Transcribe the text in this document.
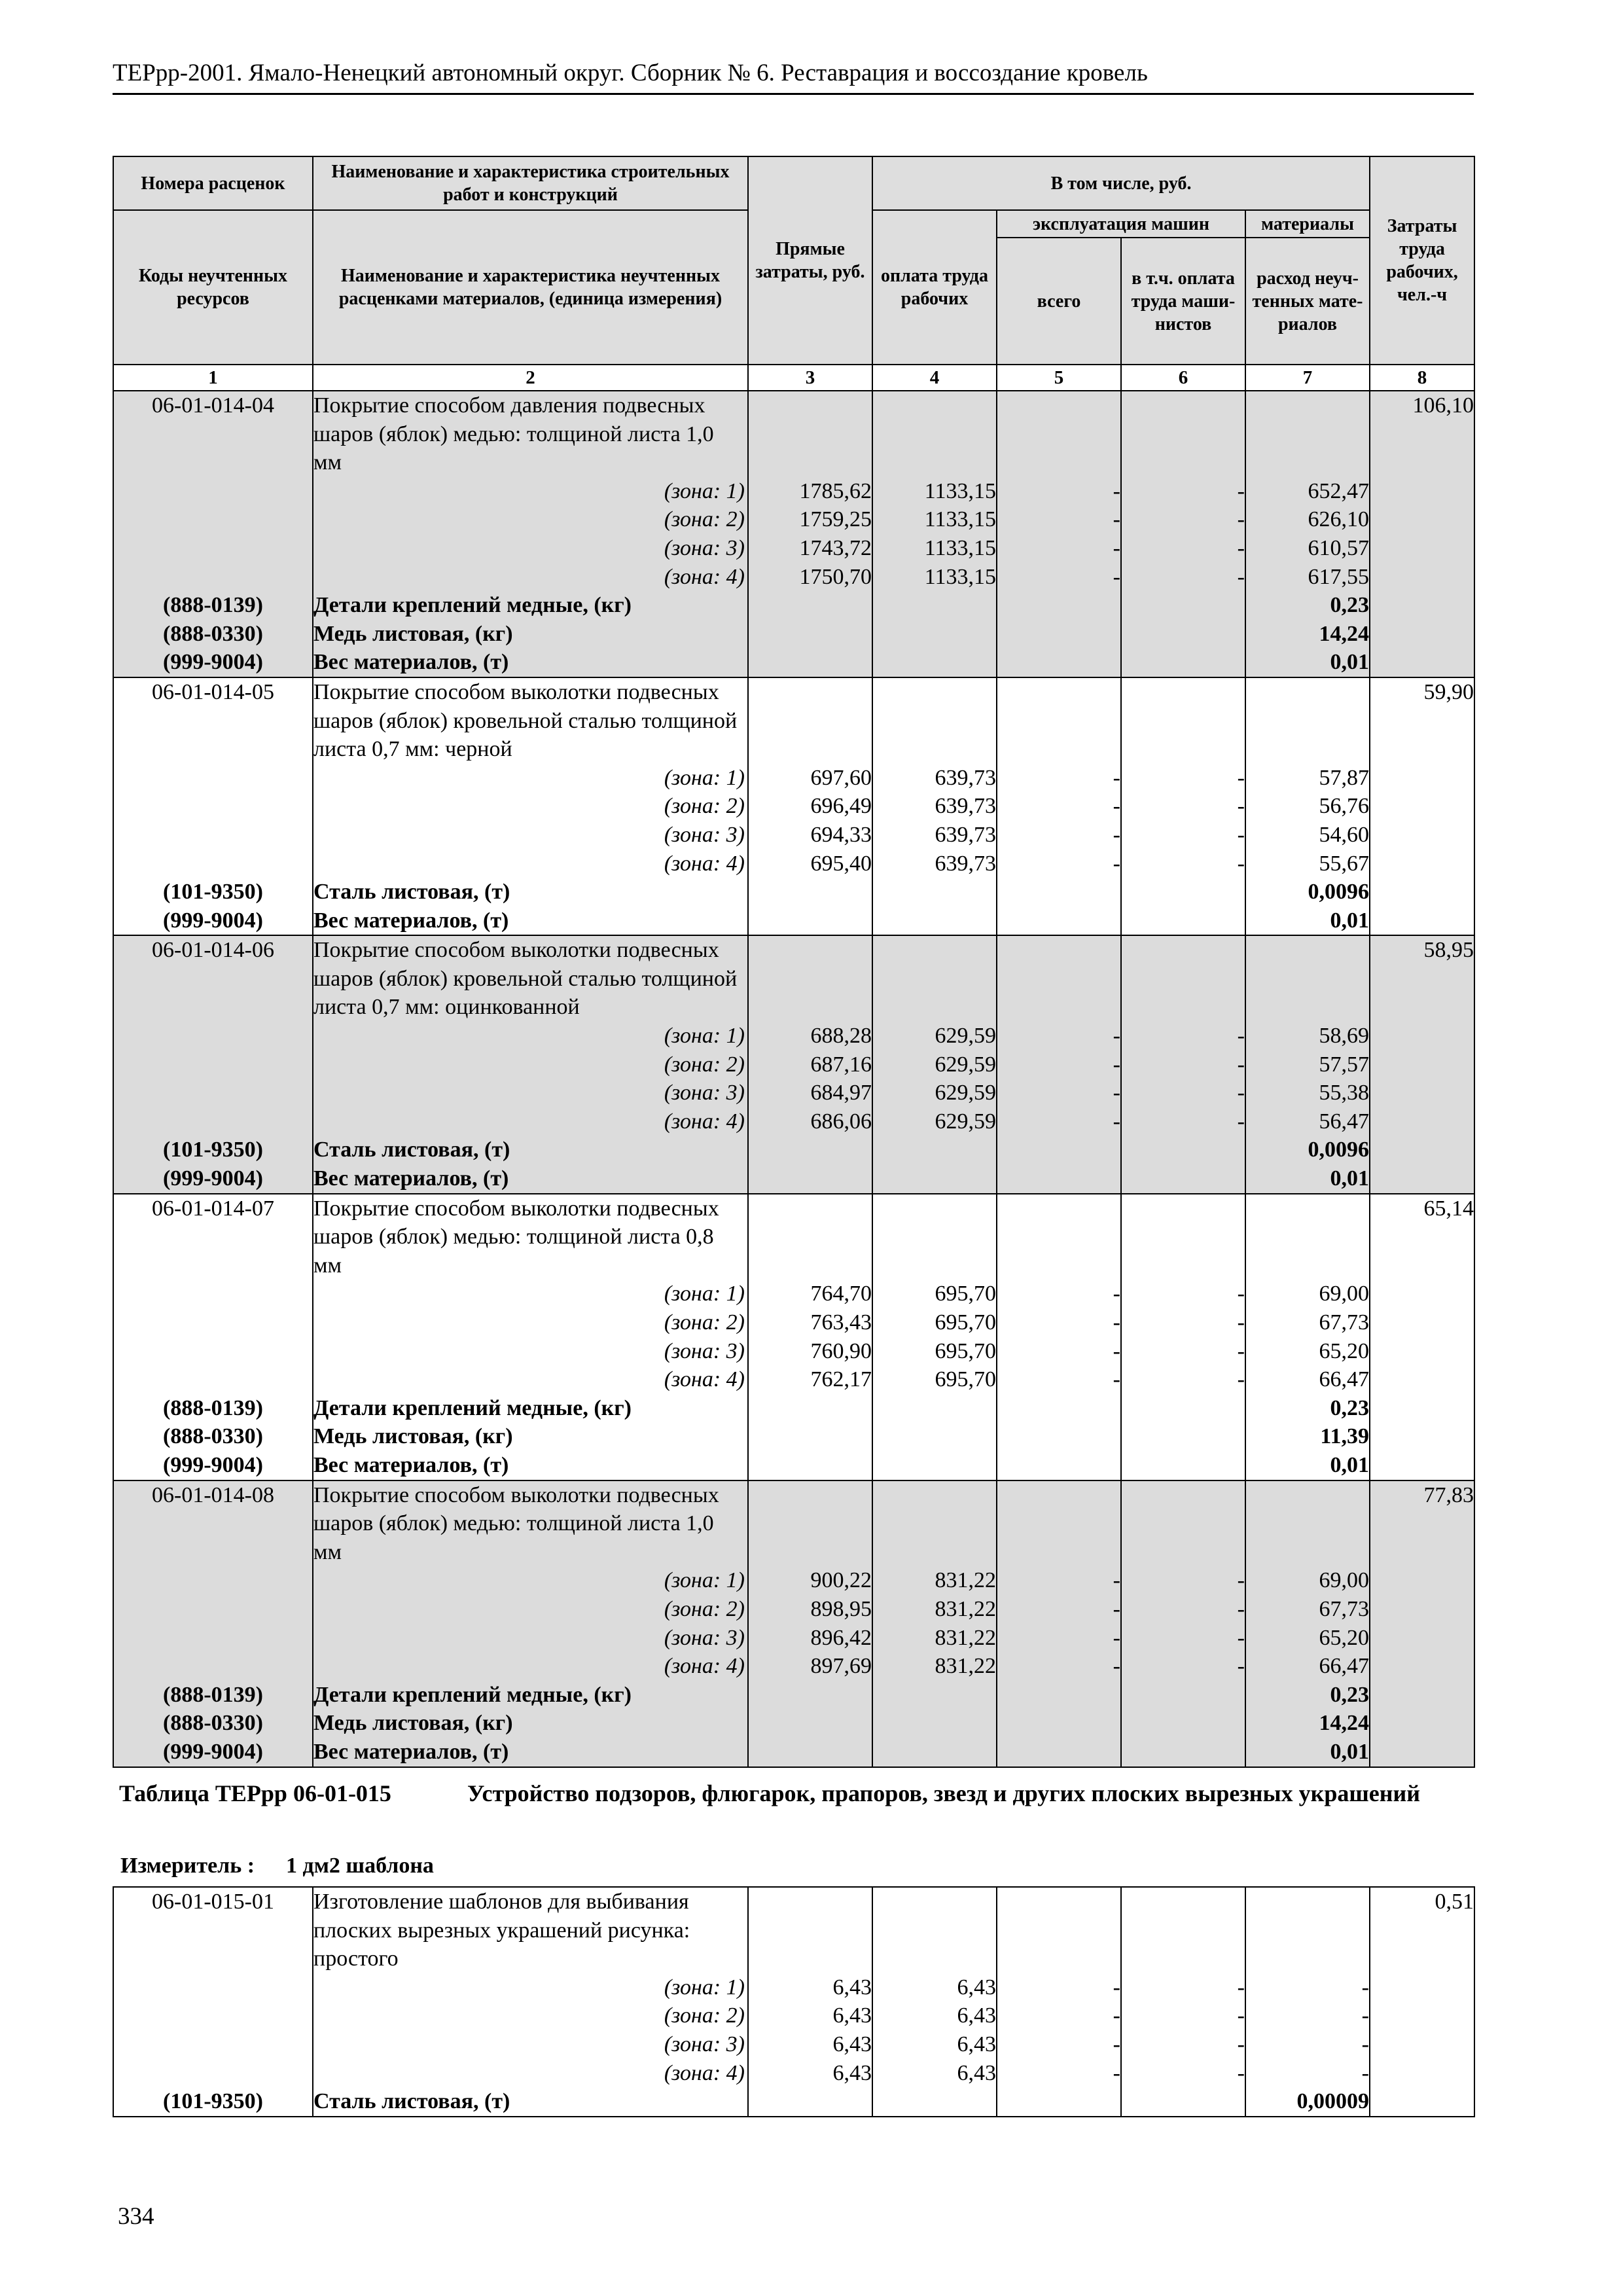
ТЕРрр-2001. Ямало-Ненецкий автономный округ. Сборник № 6. Реставрация и воссоздание кровель
Номера расценок	Наименование и характеристика строительных работ и конструкций	Прямые затраты, руб.	В том числе, руб.				Затраты труда рабочих, чел.-ч
Коды неучтенных ресурсов	Наименование и характеристика неучтенных расценками материалов, (единица измерения)		оплата труда рабочих	эксплуатация машин		материалы	
				всего	в т.ч. оплата труда маши-нистов	расход неуч-тенных мате-риалов	
1	2	3	4	5	6	7	8
06-01-014-04	Покрытие способом давления подвесных шаров (яблок) медью: толщиной листа 1,0 мм						106,10

	(зона: 1)	1785,62	1133,15	-	-	652,47	

	(зона: 2)	1759,25	1133,15	-	-	626,10	

	(зона: 3)	1743,72	1133,15	-	-	610,57	

	(зона: 4)	1750,70	1133,15	-	-	617,55	
(888-0139)	Детали креплений медные, (кг)					0,23	
(888-0330)	Медь листовая, (кг)					14,24	
(999-9004)	Вес материалов, (т)					0,01	
06-01-014-05	Покрытие способом выколотки подвесных шаров (яблок) кровельной сталью толщиной листа 0,7 мм: черной						59,90

	(зона: 1)	697,60	639,73	-	-	57,87	

	(зона: 2)	696,49	639,73	-	-	56,76	

	(зона: 3)	694,33	639,73	-	-	54,60	

	(зона: 4)	695,40	639,73	-	-	55,67	
(101-9350)	Сталь листовая, (т)					0,0096	
(999-9004)	Вес материалов, (т)					0,01	
06-01-014-06	Покрытие способом выколотки подвесных шаров (яблок) кровельной сталью толщиной листа 0,7 мм: оцинкованной						58,95

	(зона: 1)	688,28	629,59	-	-	58,69	

	(зона: 2)	687,16	629,59	-	-	57,57	

	(зона: 3)	684,97	629,59	-	-	55,38	

	(зона: 4)	686,06	629,59	-	-	56,47	
(101-9350)	Сталь листовая, (т)					0,0096	
(999-9004)	Вес материалов, (т)					0,01	
06-01-014-07	Покрытие способом выколотки подвесных шаров (яблок) медью: толщиной листа 0,8 мм						65,14

	(зона: 1)	764,70	695,70	-	-	69,00	

	(зона: 2)	763,43	695,70	-	-	67,73	

	(зона: 3)	760,90	695,70	-	-	65,20	

	(зона: 4)	762,17	695,70	-	-	66,47	
(888-0139)	Детали креплений медные, (кг)					0,23	
(888-0330)	Медь листовая, (кг)					11,39	
(999-9004)	Вес материалов, (т)					0,01	
06-01-014-08	Покрытие способом выколотки подвесных шаров (яблок) медью: толщиной листа 1,0 мм						77,83

	(зона: 1)	900,22	831,22	-	-	69,00	

	(зона: 2)	898,95	831,22	-	-	67,73	

	(зона: 3)	896,42	831,22	-	-	65,20	

	(зона: 4)	897,69	831,22	-	-	66,47	
(888-0139)	Детали креплений медные, (кг)					0,23	
(888-0330)	Медь листовая, (кг)					14,24	
(999-9004)	Вес материалов, (т)					0,01	
Таблица ТЕРрр 06-01-015	Устройство подзоров, флюгарок, прапоров, звезд и других плоских вырезных украшений
Измеритель : 1 дм2 шаблона
06-01-015-01	Изготовление шаблонов для выбивания плоских вырезных украшений рисунка: простого						0,51

	(зона: 1)	6,43	6,43	-	-	-	

	(зона: 2)	6,43	6,43	-	-	-	

	(зона: 3)	6,43	6,43	-	-	-	

	(зона: 4)	6,43	6,43	-	-	-	
(101-9350)	Сталь листовая, (т)					0,00009	
334
